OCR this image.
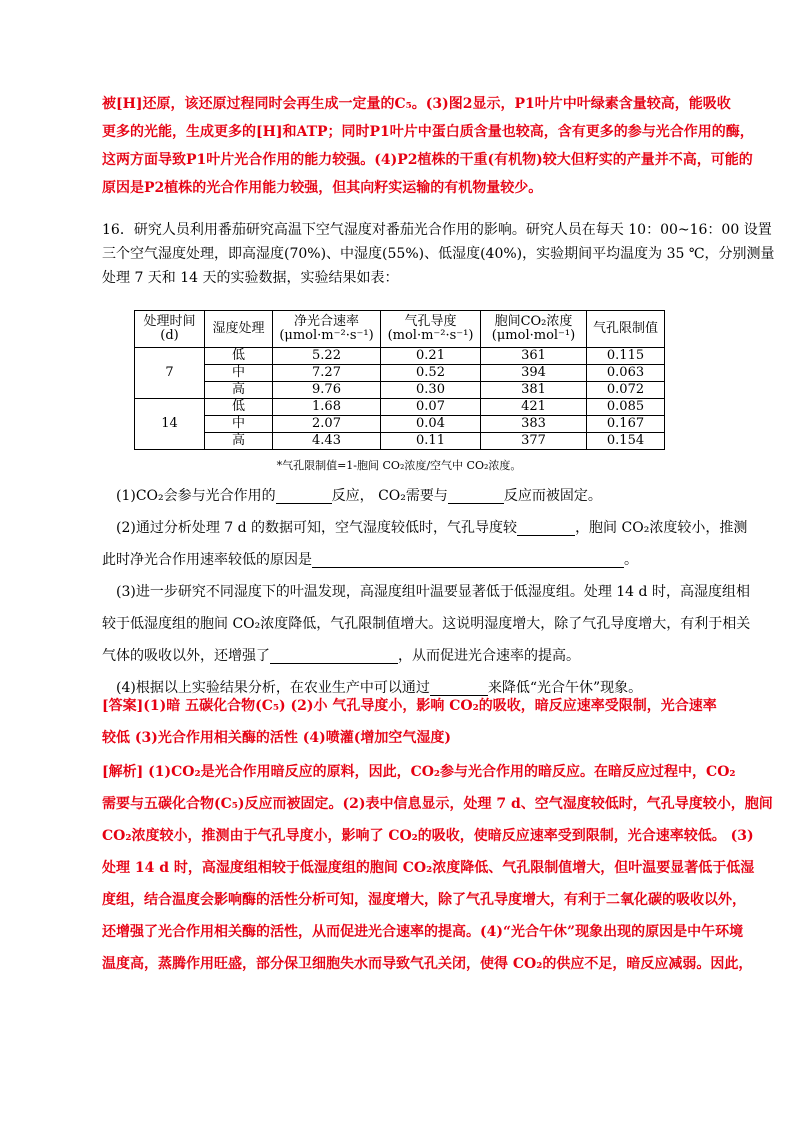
被[H]还原，该还原过程同时会再生成一定量的C₅。(3)图2显示，P1叶片中叶绿素含量较高，能吸收
更多的光能，生成更多的[H]和ATP；同时P1叶片中蛋白质含量也较高，含有更多的参与光合作用的酶，
这两方面导致P1叶片光合作用的能力较强。(4)P2植株的干重(有机物)较大但籽实的产量并不高，可能的
原因是P2植株的光合作用能力较强，但其向籽实运输的有机物量较少。
16．研究人员利用番茄研究高温下空气湿度对番茄光合作用的影响。研究人员在每天 10：00~16：00 设置
三个空气湿度处理，即高湿度(70%)、中湿度(55%)、低湿度(40%)，实验期间平均温度为 35 ℃，分别测量
处理 7 天和 14 天的实验数据，实验结果如表：
处理时间(d)	湿度处理	净光合速率(μmol·m⁻²·s⁻¹)	气孔导度(mol·m⁻²·s⁻¹)	胞间CO₂浓度(μmol·mol⁻¹)	气孔限制值
7	低	5.22	0.21	361	0.115
	中	7.27	0.52	394	0.063
	高	9.76	0.30	381	0.072
14	低	1.68	0.07	421	0.085
	中	2.07	0.04	383	0.167
	高	4.43	0.11	377	0.154
*气孔限制值=1-胞间 CO₂浓度/空气中 CO₂浓度。
(1)CO₂会参与光合作用的	反应， CO₂需要与	反应而被固定。
(2)通过分析处理 7 d 的数据可知，空气湿度较低时，气孔导度较	，胞间 CO₂浓度较小，推测
此时净光合作用速率较低的原因是	。
(3)进一步研究不同湿度下的叶温发现，高湿度组叶温要显著低于低湿度组。处理 14 d 时，高湿度组相
较于低湿度组的胞间 CO₂浓度降低，气孔限制值增大。这说明湿度增大，除了气孔导度增大，有利于相关
气体的吸收以外，还增强了	，从而促进光合速率的提高。
(4)根据以上实验结果分析，在农业生产中可以通过	来降低“光合午休”现象。
[答案](1)暗 五碳化合物(C₅) (2)小 气孔导度小，影响 CO₂的吸收，暗反应速率受限制，光合速率
较低 (3)光合作用相关酶的活性 (4)喷灌(增加空气湿度)
[解析] (1)CO₂是光合作用暗反应的原料，因此，CO₂参与光合作用的暗反应。在暗反应过程中，CO₂
需要与五碳化合物(C₅)反应而被固定。(2)表中信息显示，处理 7 d、空气湿度较低时，气孔导度较小，胞间
CO₂浓度较小，推测由于气孔导度小，影响了 CO₂的吸收，使暗反应速率受到限制，光合速率较低。 (3)
处理 14 d 时，高湿度组相较于低湿度组的胞间 CO₂浓度降低、气孔限制值增大，但叶温要显著低于低湿
度组，结合温度会影响酶的活性分析可知，湿度增大，除了气孔导度增大，有利于二氧化碳的吸收以外，
还增强了光合作用相关酶的活性，从而促进光合速率的提高。(4)“光合午休”现象出现的原因是中午环境
温度高，蒸腾作用旺盛，部分保卫细胞失水而导致气孔关闭，使得 CO₂的供应不足，暗反应减弱。因此，
